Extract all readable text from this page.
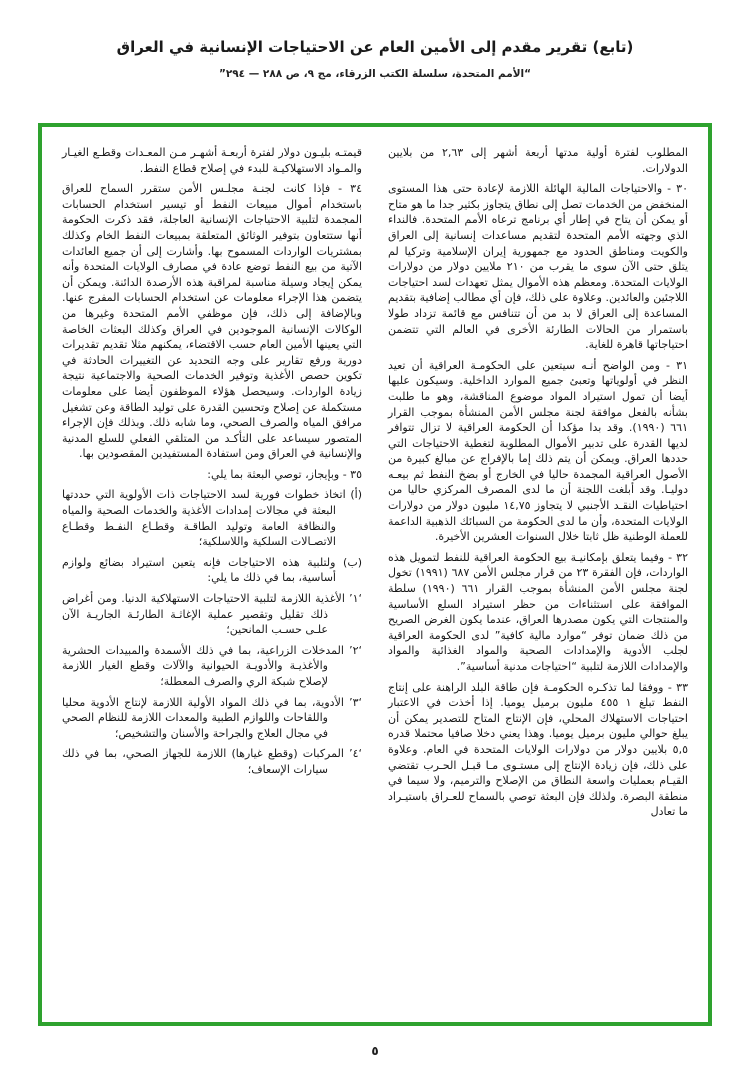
(تابع) تقرير مقدم إلى الأمين العام عن الاحتياجات الإنسانية في العراق
“الأمم المتحدة، سلسلة الكتب الزرقاء، مج ٩، ص ٢٨٨ — ٢٩٤”

المطلوب لفترة أولية مدتها أربعة أشهر إلى ٢,٦٣ من بلايين الدولارات.

٣٠ - والاحتياجات المالية الهائلة اللازمة لإعادة حتى هذا المستوى المنخفض من الخدمات تصل إلى نطاق يتجاوز بكثير جدا ما هو متاح أو يمكن أن يتاح في إطار أي برنامج ترعاه الأمم المتحدة. فالنداء الذي وجهته الأمم المتحدة لتقديم مساعدات إنسانية إلى العراق والكويت ومناطق الحدود مع جمهورية إيران الإسلامية وتركيا لم يتلق حتى الآن سوى ما يقرب من ٢١٠ ملايين دولار من دولارات الولايات المتحدة. ومعظم هذه الأموال يمثل تعهدات لسد احتياجات اللاجئين والعائدين. وعلاوة على ذلك، فإن أي مطالب إضافية بتقديم المساعدة إلى العراق لا بد من أن تتنافس مع قائمة تزداد طولا باستمرار من الحالات الطارئة الأخرى في العالم التي تتضمن احتياجاتها قاهرة للغاية.

٣١ - ومن الواضح أنـه سيتعين على الحكومـة العراقية أن تعيد النظر في أولوياتها وتعبئ جميع الموارد الداخلية. وسيكون عليها أيضا أن تمول استيراد المواد موضوع المناقشة، وهو ما طلبت بشأنه بالفعل موافقة لجنة مجلس الأمن المنشأة بموجب القرار ٦٦١ (١٩٩٠). وقد بدا مؤكدا أن الحكومة العراقية لا تزال تتوافر لديها القدرة على تدبير الأموال المطلوبة لتغطية الاحتياجات التي حددها العراق. ويمكن أن يتم ذلك إما بالإفراج عن مبالغ كبيرة من الأصول العراقية المجمدة حاليا في الخارج أو بضخ النفط ثم بيعـه دوليـا. وقد أبلغت اللجنة أن ما لدى المصرف المركزي حاليا من احتياطيات النقـد الأجنبي لا يتجاوز ١٤,٧٥ مليون دولار من دولارات الولايات المتحدة، وأن ما لدى الحكومة من السبائك الذهبية الداعمة للعملة الوطنية ظل ثابتا خلال السنوات العشرين الأخيرة.

٣٢ - وفيما يتعلق بإمكانيـة بيع الحكومة العراقية للنفط لتمويل هذه الواردات، فإن الفقرة ٢٣ من قرار مجلس الأمن ٦٨٧ (١٩٩١) تخول لجنة مجلس الأمن المنشأة بموجب القرار ٦٦١ (١٩٩٠) سلطة الموافقة على استثناءات من حظر استيراد السلع الأساسية والمنتجات التي يكون مصدرها العراق، عندما يكون الغرض الصريح من ذلك ضمان توفر “موارد مالية كافية” لدى الحكومة العراقية لجلب الأدوية والإمدادات الصحية والمواد الغذائية والمواد والإمدادات اللازمة لتلبية “احتياجات مدنية أساسية”.

٣٣ - ووفقا لما تذكـره الحكومـة فإن طاقة البلد الراهنة على إنتاج النفط تبلغ ١ ٤٥٥ مليون برميل يوميا. إذا أخذت في الاعتبار احتياجات الاستهلاك المحلي، فإن الإنتاج المتاح للتصدير يمكن أن يبلغ حوالي مليون برميل يوميا. وهذا يعني دخلا صافيا محتملا قدره ٥,٥ بلايين دولار من دولارات الولايات المتحدة في العام. وعلاوة على ذلك، فإن زيادة الإنتاج إلى مستـوى مـا قبـل الحـرب تقتضي القيـام بعمليات واسعة النطاق من الإصلاح والترميم، ولا سيما في منطقة البصرة. ولذلك فإن البعثة توصي بالسماح للعـراق باستيـراد ما تعادل

قيمتـه بليـون دولار لفترة أربعـة أشهـر مـن المعـدات وقطـع الغيـار والمـواد الاستهلاكيـة للبدء في إصلاح قطاع النفط.

٣٤ - فإذا كانت لجنـة مجلـس الأمن ستقرر السماح للعراق باستخدام أموال مبيعات النفط أو تيسير استخدام الحسابات المجمدة لتلبية الاحتياجات الإنسانية العاجلة، فقد ذكرت الحكومة أنها ستتعاون بتوفير الوثائق المتعلقة بمبيعات النفط الخام وكذلك بمشتريات الواردات المسموح بها. وأشارت إلى أن جميع العائدات الآتية من بيع النفط توضع عادة في مصارف الولايات المتحدة وأنه يمكن إيجاد وسيلة مناسبة لمراقبة هذه الأرصدة الدائنة. ويمكن أن يتضمن هذا الإجراء معلومات عن استخدام الحسابات المفرج عنها. وبالإضافة إلى ذلك، فإن موظفي الأمم المتحدة وغيرها من الوكالات الإنسانية الموجودين في العراق وكذلك البعثات الخاصة التي يعينها الأمين العام حسب الاقتضاء، يمكنهم مثلا تقديم تقديرات دورية ورفع تقارير على وجه التحديد عن التغييرات الحادثة في تكوين حصص الأغذية وتوفير الخدمات الصحية والاجتماعية نتيجة زيادة الواردات. وسيحصل هؤلاء الموظفون أيضا على معلومات مستكملة عن إصلاح وتحسين القدرة على توليد الطاقة وعن تشغيل مرافق المياه والصرف الصحي، وما شابه ذلك. وبذلك فإن الإجراء المتصور سيساعد على التأكـد من المتلقي الفعلي للسلع المدنية والإنسانية في العراق ومن استفادة المستفيدين المقصودين بها.

٣٥ - وبإيجاز، توصي البعثة بما يلي:

(أ) اتخاذ خطوات فورية لسد الاحتياجات ذات الأولوية التي حددتها البعثة في مجالات إمدادات الأغذية والخدمات الصحية والمياه والنظافة العامة وتوليد الطاقـة وقطـاع النفـط وقطـاع الاتصـالات السلكية واللاسلكية؛

(ب) ولتلبية هذه الاحتياجات فإنه يتعين استيراد بضائع ولوازم أساسية، بما في ذلك ما يلي:

‘١’ الأغذية اللازمة لتلبية الاحتياجات الاستهلاكية الدنيا. ومن أغراض ذلك تقليل وتقصير عملية الإغاثـة الطارئـة الجاريـة الآن علـى حسـب المانحين؛

‘٢’ المدخلات الزراعية، بما في ذلك الأسمدة والمبيدات الحشرية والأغذيـة والأدويـة الحيوانية والآلات وقطع الغيار اللازمة لإصلاح شبكة الري والصرف المعطلة؛

‘٣’ الأدوية، بما في ذلك المواد الأولية اللازمة لإنتاج الأدوية محليا واللقاحات واللوازم الطبية والمعدات اللازمة للنظام الصحي في مجال العلاج والجراحة والأسنان والتشخيص؛

‘٤’ المركبات (وقطع غيارها) اللازمة للجهاز الصحي، بما في ذلك سيارات الإسعاف؛

٥
